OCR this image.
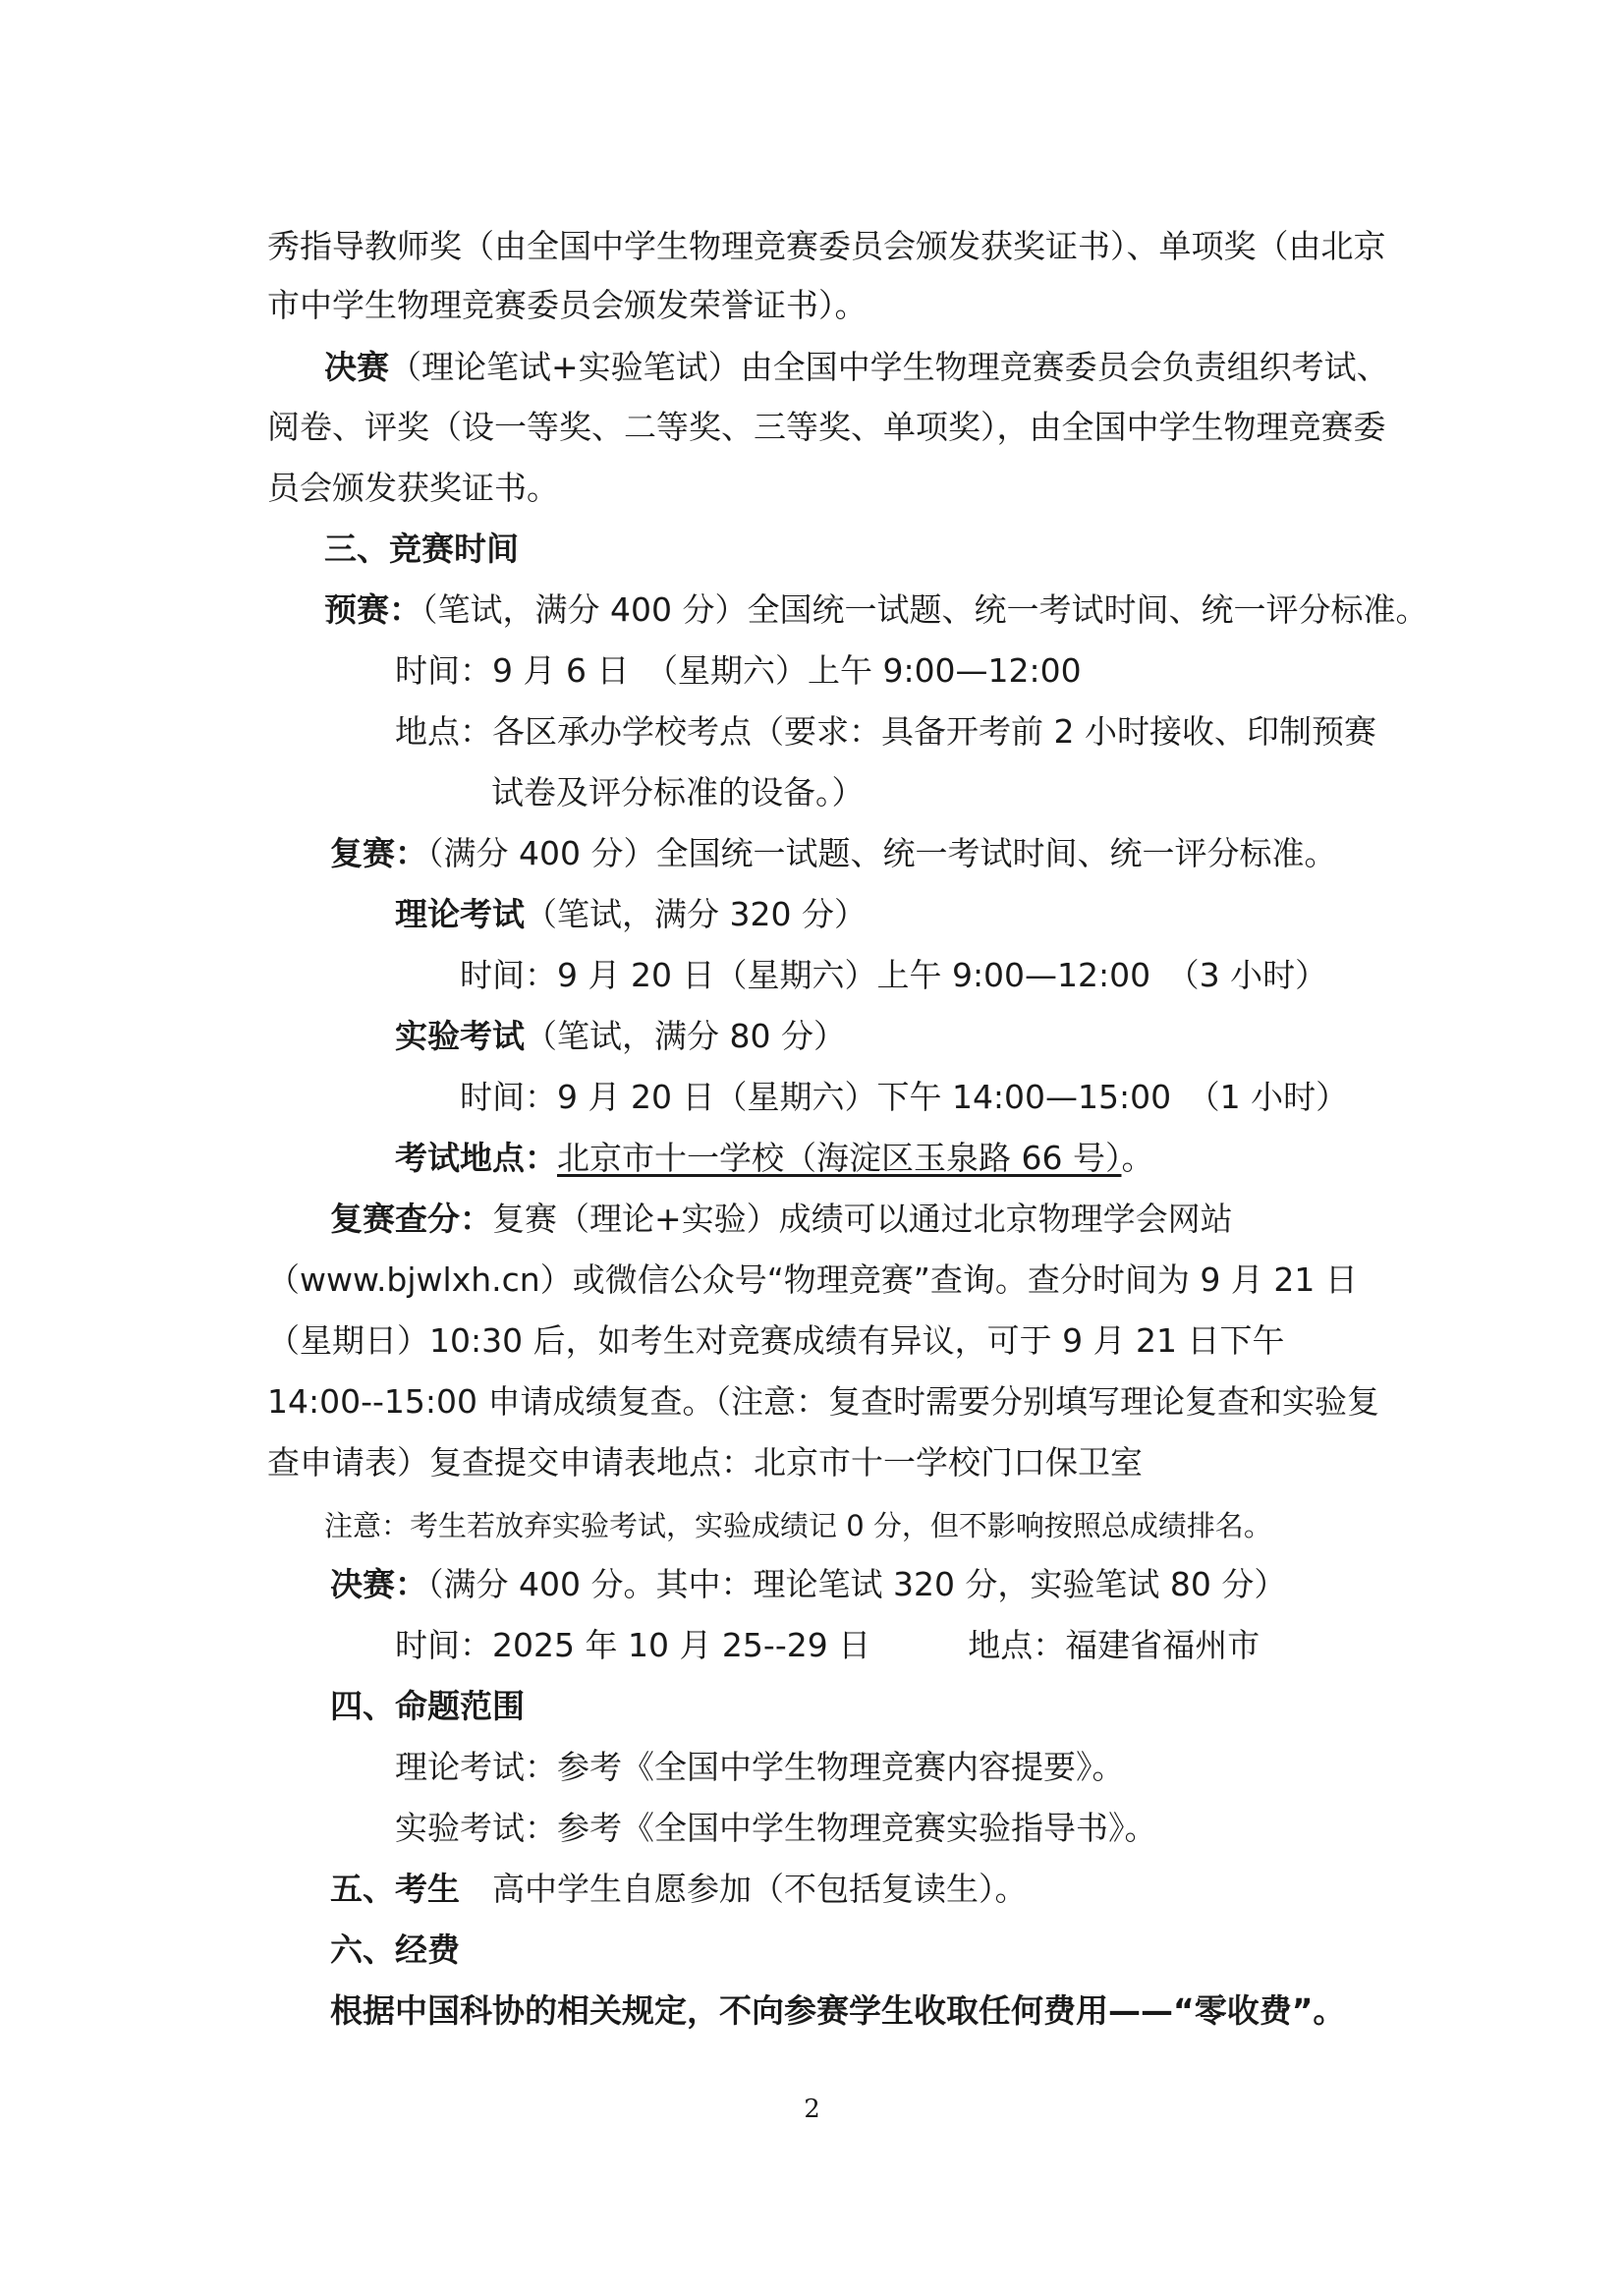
秀指导教师奖（由全国中学生物理竞赛委员会颁发获奖证书）、单项奖（由北京
市中学生物理竞赛委员会颁发荣誉证书）。
决赛（理论笔试+实验笔试）由全国中学生物理竞赛委员会负责组织考试、
阅卷、评奖（设一等奖、二等奖、三等奖、单项奖），由全国中学生物理竞赛委
员会颁发获奖证书。
三、竞赛时间
预赛：（笔试，满分 400 分）全国统一试题、统一考试时间、统一评分标准。
时间：9 月 6 日　（星期六）上午 9:00—12:00
地点：各区承办学校考点（要求：具备开考前 2 小时接收、印制预赛
试卷及评分标准的设备。）
复赛：（满分 400 分）全国统一试题、统一考试时间、统一评分标准。
理论考试（笔试，满分 320 分）
时间：9 月 20 日（星期六）上午 9:00—12:00　（3 小时）
实验考试（笔试，满分 80 分）
时间：9 月 20 日（星期六）下午 14:00—15:00　（1 小时）
考试地点：北京市十一学校（海淀区玉泉路 66 号）。
复赛查分：复赛（理论+实验）成绩可以通过北京物理学会网站
（www.bjwlxh.cn）或微信公众号“物理竞赛”查询。查分时间为 9 月 21 日
（星期日）10:30 后，如考生对竞赛成绩有异议，可于 9 月 21 日下午
14:00--15:00 申请成绩复查。（注意：复查时需要分别填写理论复查和实验复
查申请表）复查提交申请表地点：北京市十一学校门口保卫室
注意：考生若放弃实验考试，实验成绩记 0 分，但不影响按照总成绩排名。
决赛：（满分 400 分。其中：理论笔试 320 分，实验笔试 80 分）
时间：2025 年 10 月 25--29 日　　　地点：福建省福州市
四、命题范围
理论考试：参考《全国中学生物理竞赛内容提要》。
实验考试：参考《全国中学生物理竞赛实验指导书》。
五、考生　高中学生自愿参加（不包括复读生）。
六、经费
根据中国科协的相关规定，不向参赛学生收取任何费用——“零收费”。
2
